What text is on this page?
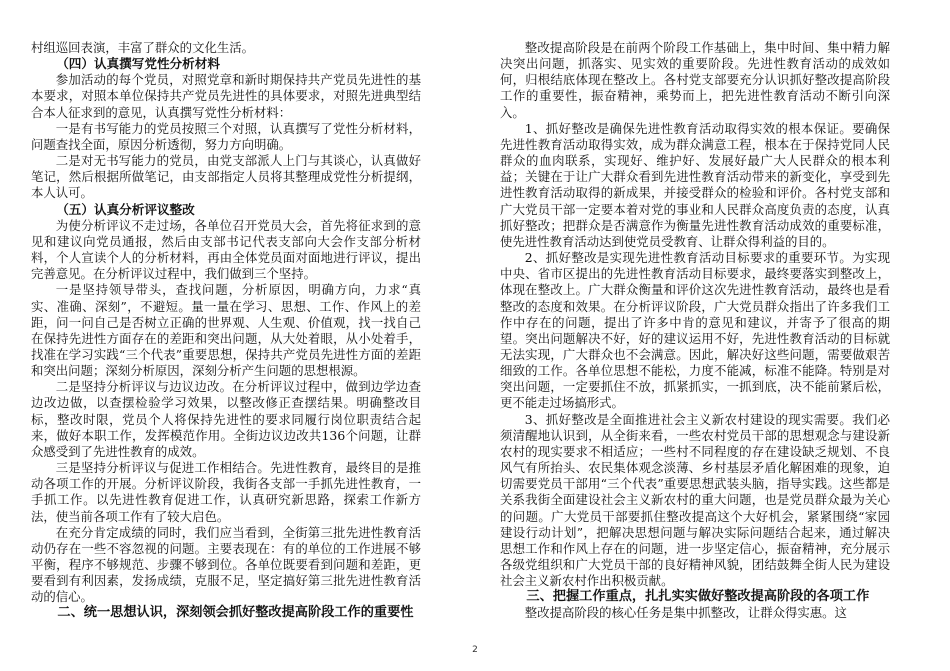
村组巡回表演，丰富了群众的文化生活。

（四）认真撰写党性分析材料

参加活动的每个党员，对照党章和新时期保持共产党员先进性的基本要求，对照本单位保持共产党员先进性的具体要求，对照先进典型结合本人征求到的意见，认真撰写党性分析材料：

一是有书写能力的党员按照三个对照，认真撰写了党性分析材料，问题查找全面，原因分析透彻，努力方向明确。

二是对无书写能力的党员，由党支部派人上门与其谈心，认真做好笔记，然后根据所做笔记，由支部指定人员将其整理成党性分析提纲，本人认可。

（五）认真分析评议整改

为使分析评议不走过场，各单位召开党员大会，首先将征求到的意见和建议向党员通报，然后由支部书记代表支部向大会作支部分析材料，个人宣读个人的分析材料，再由全体党员面对面地进行评议，提出完善意见。在分析评议过程中，我们做到三个坚持。

一是坚持领导带头，查找问题，分析原因，明确方向，力求“真实、准确、深刻”，不避短。量一量在学习、思想、工作、作风上的差距，问一问自己是否树立正确的世界观、人生观、价值观，找一找自己在保持先进性方面存在的差距和突出问题，从大处着眼，从小处着手，找准在学习实践“三个代表”重要思想，保持共产党员先进性方面的差距和突出问题；深刻分析原因，深刻分析产生问题的思想根源。

二是坚持分析评议与边议边改。在分析评议过程中，做到边学边查边改边做，以查摆检验学习效果，以整改修正查摆结果。明确整改目标，整改时限，党员个人将保持先进性的要求同履行岗位职责结合起来，做好本职工作，发挥模范作用。全街边议边改共136个问题，让群众感受到了先进性教育的成效。

三是坚持分析评议与促进工作相结合。先进性教育，最终目的是推动各项工作的开展。分析评议阶段，我街各支部一手抓先进性教育，一手抓工作。以先进性教育促进工作，认真研究新思路，探索工作新方法，使当前各项工作有了较大启色。

在充分肯定成绩的同时，我们应当看到，全街第三批先进性教育活动仍存在一些不容忽视的问题。主要表现在：有的单位的工作进展不够平衡，程序不够规范、步骤不够到位。各单位既要看到问题和差距，更要看到有利因素，发扬成绩，克服不足，坚定搞好第三批先进性教育活动的信心。

二、统一思想认识，深刻领会抓好整改提高阶段工作的重要性

整改提高阶段是在前两个阶段工作基础上，集中时间、集中精力解决突出问题，抓落实、见实效的重要阶段。先进性教育活动的成效如何，归根结底体现在整改上。各村党支部要充分认识抓好整改提高阶段工作的重要性，振奋精神，乘势而上，把先进性教育活动不断引向深入。

1、抓好整改是确保先进性教育活动取得实效的根本保证。要确保先进性教育活动取得实效，成为群众满意工程，根本在于保持党同人民群众的血肉联系，实现好、维护好、发展好最广大人民群众的根本利益；关键在于让广大群众看到先进性教育活动带来的新变化，享受到先进性教育活动取得的新成果，并接受群众的检验和评价。各村党支部和广大党员干部一定要本着对党的事业和人民群众高度负责的态度，认真抓好整改；把群众是否满意作为衡量先进性教育活动成效的重要标准，使先进性教育活动达到使党员受教育、让群众得利益的目的。

2、抓好整改是实现先进性教育活动目标要求的重要环节。为实现中央、省市区提出的先进性教育活动目标要求，最终要落实到整改上，体现在整改上。广大群众衡量和评价这次先进性教育活动，最终也是看整改的态度和效果。在分析评议阶段，广大党员群众指出了许多我们工作中存在的问题，提出了许多中肯的意见和建议，并寄予了很高的期望。突出问题解决不好，好的建议运用不好，先进性教育活动的目标就无法实现，广大群众也不会满意。因此，解决好这些问题，需要做艰苦细致的工作。各单位思想不能松，力度不能减，标准不能降。特别是对突出问题，一定要抓住不放，抓紧抓实，一抓到底，决不能前紧后松，更不能走过场搞形式。

3、抓好整改是全面推进社会主义新农村建设的现实需要。我们必须清醒地认识到，从全街来看，一些农村党员干部的思想观念与建设新农村的现实要求不相适应；一些村不同程度的存在建设缺乏规划、不良风气有所抬头、农民集体观念淡薄、乡村基层矛盾化解困难的现象，迫切需要党员干部用“三个代表”重要思想武装头脑，指导实践。这些都是关系我街全面建设社会主义新农村的重大问题，也是党员群众最为关心的问题。广大党员干部要抓住整改提高这个大好机会，紧紧围绕“家园建设行动计划”，把解决思想问题与解决实际问题结合起来，通过解决思想工作和作风上存在的问题，进一步坚定信心，振奋精神，充分展示各级党组织和广大党员干部的良好精神风貌，团结鼓舞全街人民为建设社会主义新农村作出积极贡献。

三、把握工作重点，扎扎实实做好整改提高阶段的各项工作

整改提高阶段的核心任务是集中抓整改，让群众得实惠。这

2
